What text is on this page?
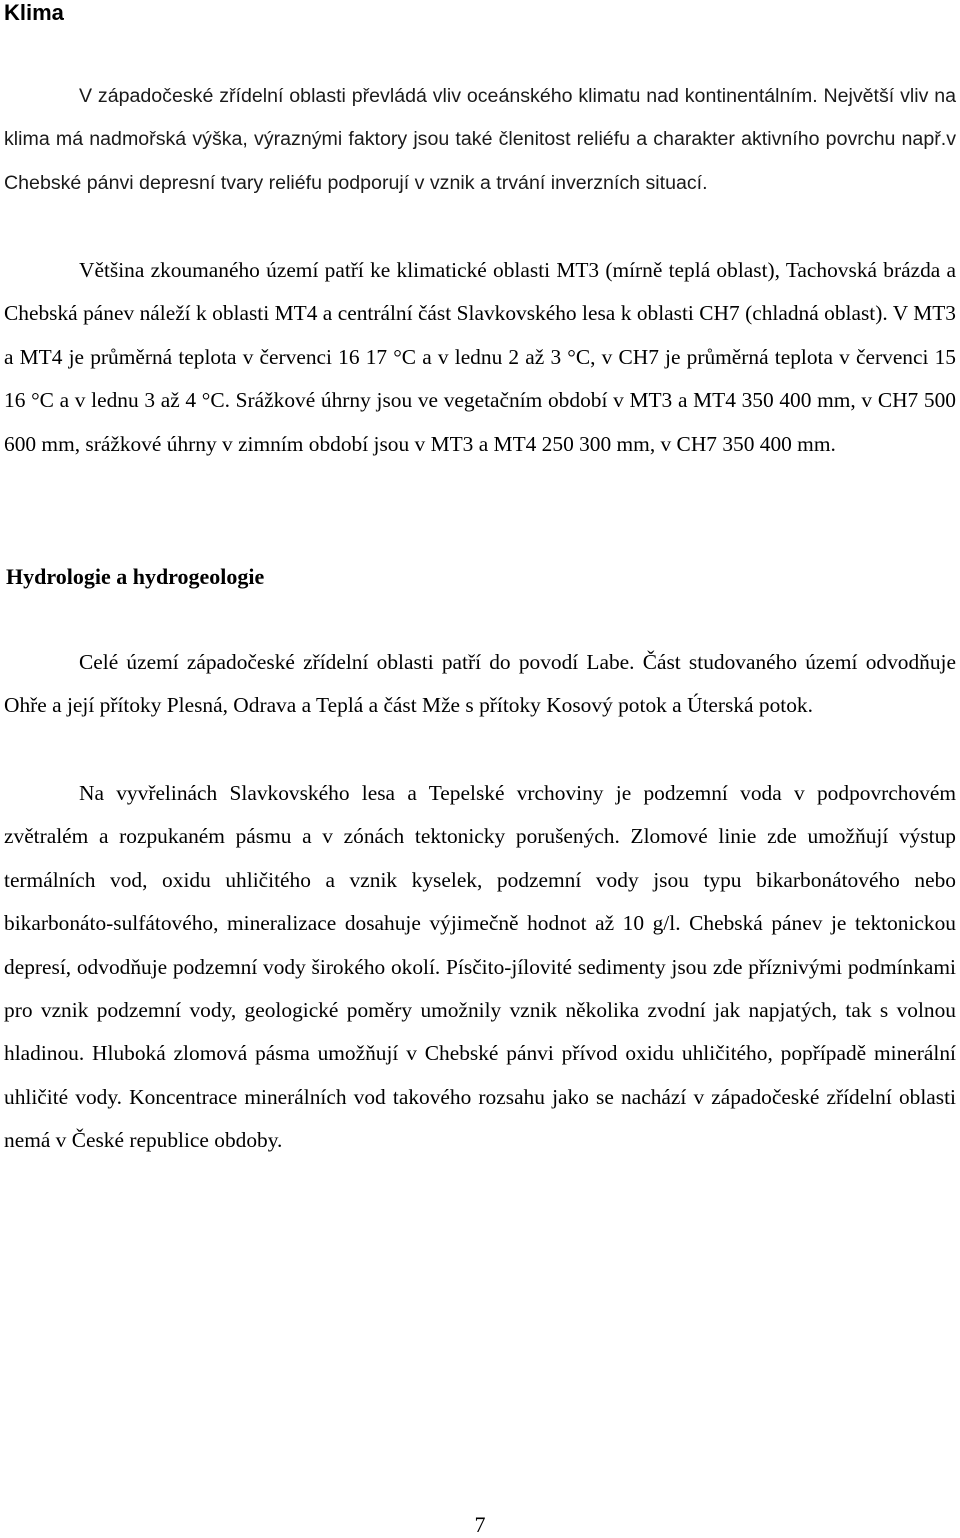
Klima

V západočeské zřídelní oblasti převládá vliv oceánského klimatu nad kontinentálním. Největší vliv na klima má nadmořská výška, výraznými faktory jsou také členitost reliéfu a charakter aktivního povrchu např.v Chebské pánvi depresní tvary reliéfu podporují v vznik a trvání inverzních situací.

Většina zkoumaného území patří ke klimatické oblasti MT3 (mírně teplá oblast), Tachovská brázda a Chebská pánev náleží k oblasti MT4 a centrální část Slavkovského lesa k oblasti CH7 (chladná oblast). V MT3 a MT4 je průměrná teplota v červenci 16 17 °C a v lednu 2 až 3 °C, v CH7 je průměrná teplota v červenci 15 16 °C a v lednu 3 až 4 °C. Srážkové úhrny jsou ve vegetačním období v MT3 a MT4 350 400 mm, v CH7 500 600 mm, srážkové úhrny v zimním období jsou v MT3 a MT4 250 300 mm, v CH7 350 400 mm.

Hydrologie a hydrogeologie

Celé území západočeské zřídelní oblasti patří do povodí Labe. Část studovaného území odvodňuje Ohře a její přítoky Plesná, Odrava a Teplá a část Mže s přítoky Kosový potok a Úterská potok.

Na vyvřelinách Slavkovského lesa a Tepelské vrchoviny je podzemní voda v podpovrchovém zvětralém a rozpukaném pásmu a v zónách tektonicky porušených. Zlomové linie zde umožňují výstup termálních vod, oxidu uhličitého a vznik kyselek, podzemní vody jsou typu bikarbonátového nebo bikarbonáto-sulfátového, mineralizace dosahuje výjimečně hodnot až 10 g/l. Chebská pánev je tektonickou depresí, odvodňuje podzemní vody širokého okolí. Písčito-jílovité sedimenty jsou zde příznivými podmínkami pro vznik podzemní vody, geologické poměry umožnily vznik několika zvodní jak napjatých, tak s volnou hladinou. Hluboká zlomová pásma umožňují v Chebské pánvi přívod oxidu uhličitého, popřípadě minerální uhličité vody. Koncentrace minerálních vod takového rozsahu jako se nachází v západočeské zřídelní oblasti nemá v České republice obdoby.

7
